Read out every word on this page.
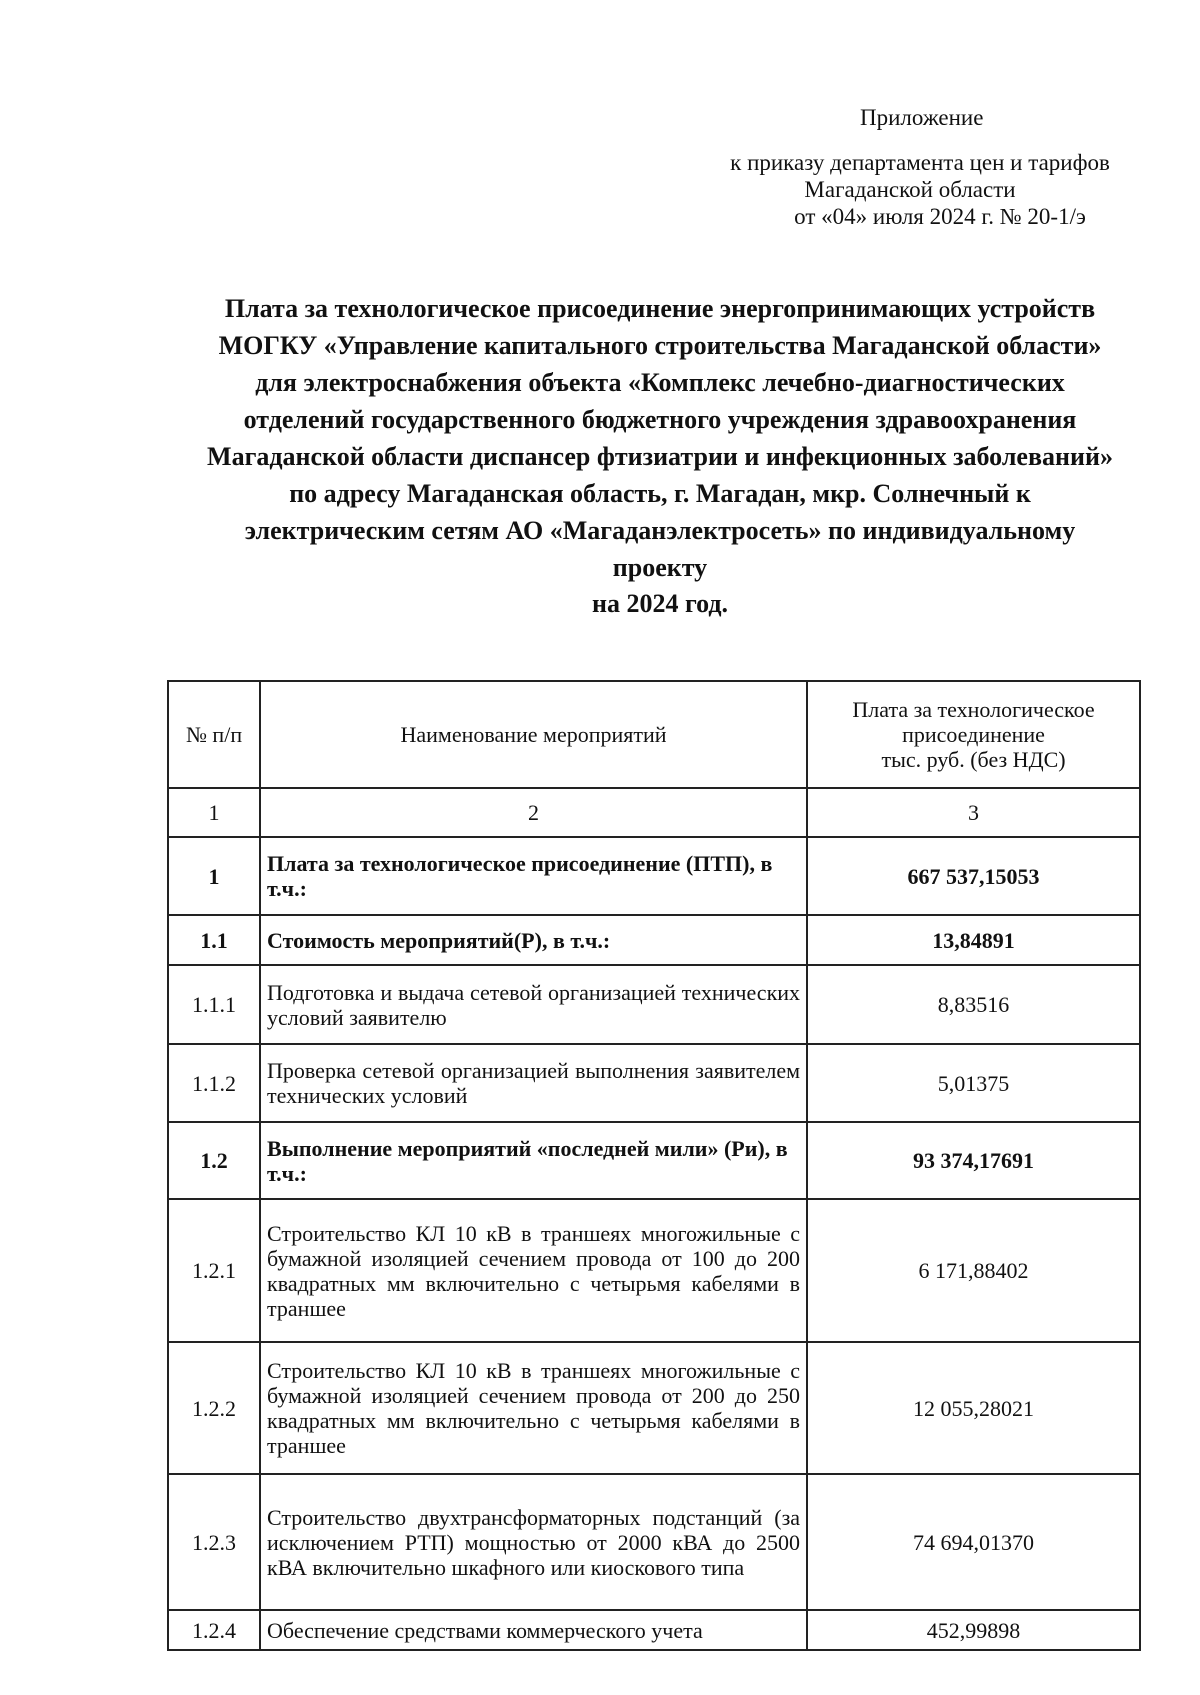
Приложение
к приказу департамента цен и тарифов
Магаданской области
от «04» июля 2024 г. № 20-1/э
Плата за технологическое присоединение энергопринимающих устройств МОГКУ «Управление капитального строительства Магаданской области» для электроснабжения объекта «Комплекс лечебно-диагностических отделений государственного бюджетного учреждения здравоохранения Магаданской области диспансер фтизиатрии и инфекционных заболеваний» по адресу Магаданская область, г. Магадан, мкр. Солнечный к электрическим сетям АО «Магаданэлектросеть» по индивидуальному проекту
на 2024 год.
№ п/п	Наименование мероприятий	Плата за технологическое
присоединение
тыс. руб. (без НДС)

1	2	3
1	Плата за технологическое присоединение (ПТП), в т.ч.:	667 537,15053
1.1	Стоимость мероприятий(Р), в т.ч.:	13,84891
1.1.1	Подготовка и выдача сетевой организацией технических условий заявителю	8,83516
1.1.2	Проверка сетевой организацией выполнения заявителем технических условий	5,01375
1.2	Выполнение мероприятий «последней мили» (Ри), в т.ч.:	93 374,17691
1.2.1	Строительство КЛ 10 кВ в траншеях многожильные с бумажной изоляцией сечением провода от 100 до 200 квадратных мм включительно с четырьмя кабелями в траншее	6 171,88402
1.2.2	Строительство КЛ 10 кВ в траншеях многожильные с бумажной изоляцией сечением провода от 200 до 250 квадратных мм включительно с четырьмя кабелями в траншее	12 055,28021
1.2.3	Строительство двухтрансформаторных подстанций (за исключением РТП) мощностью от 2000 кВА до 2500 кВА включительно шкафного или киоскового типа	74 694,01370
1.2.4	Обеспечение средствами коммерческого учета	452,99898
